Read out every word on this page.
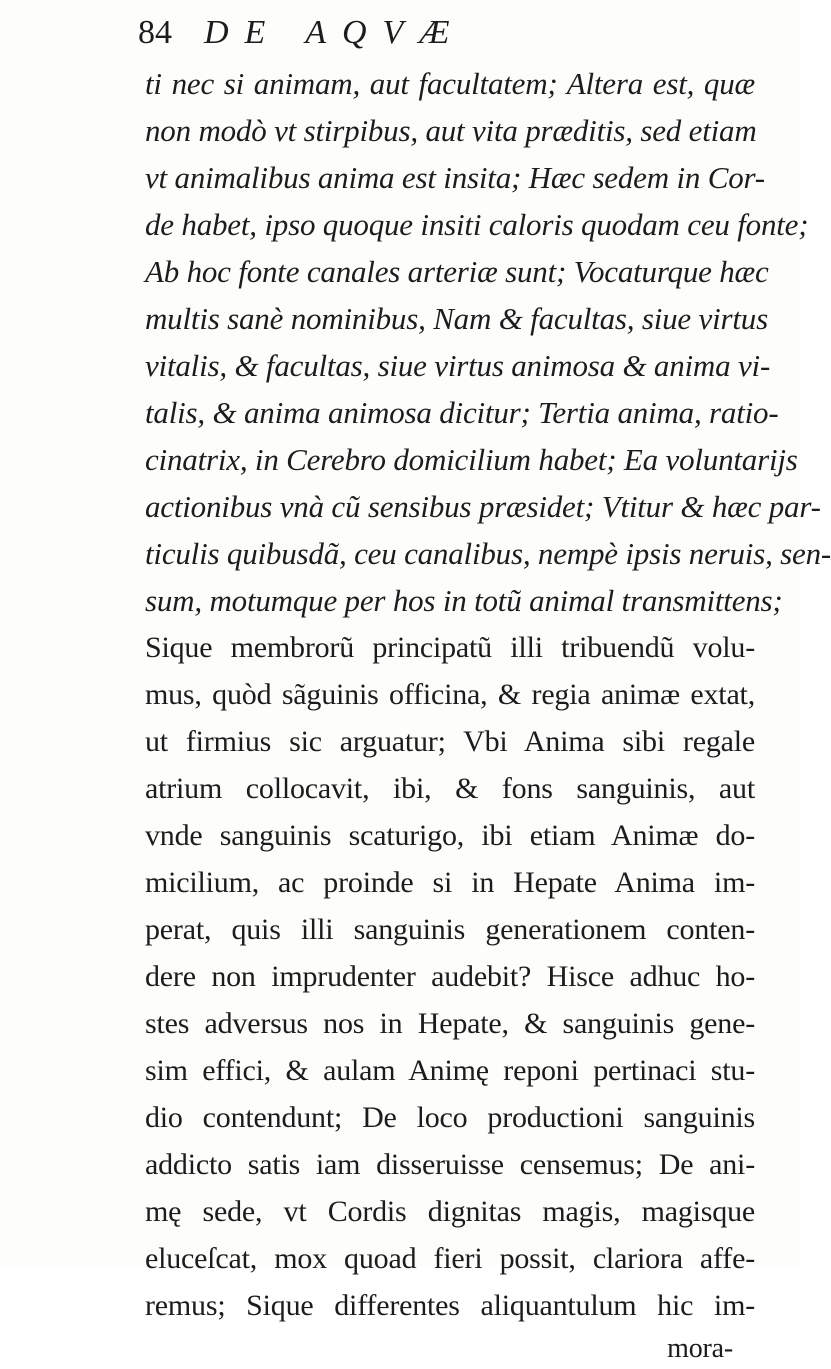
84 DE AQVÆ
ti nec si animam, aut facultatem; Altera est, quæ
non modò vt stirpibus, aut vita præditis, sed etiam
vt animalibus anima est insita; Hæc sedem in Cor-
de habet, ipso quoque insiti caloris quodam ceu fonte;
Ab hoc fonte canales arteriæ sunt; Vocaturque hæc
multis sanè nominibus, Nam & facultas, siue virtus
vitalis, & facultas, siue virtus animosa & anima vi-
talis, & anima animosa dicitur; Tertia anima, ratio-
cinatrix, in Cerebro domicilium habet; Ea voluntarijs
actionibus vnà cũ sensibus præsidet; Vtitur & hæc par-
ticulis quibusdã, ceu canalibus, nempè ipsis neruis, sen-
sum, motumque per hos in totũ animal transmittens;
Sique membrorũ principatũ illi tribuendũ volu-
mus, quòd sãguinis officina, & regia animæ extat,
ut firmius sic arguatur; Vbi Anima sibi regale
atrium collocavit, ibi, & fons sanguinis, aut
vnde sanguinis scaturigo, ibi etiam Animæ do-
micilium, ac proinde si in Hepate Anima im-
perat, quis illi sanguinis generationem conten-
dere non imprudenter audebit? Hisce adhuc ho-
stes adversus nos in Hepate, & sanguinis gene-
sim effici, & aulam Animę reponi pertinaci stu-
dio contendunt; De loco productioni sanguinis
addicto satis iam disseruisse censemus; De ani-
mę sede, vt Cordis dignitas magis, magisque
eluceſcat, mox quoad fieri possit, clariora affe-
remus; Sique differentes aliquantulum hic im-
mora-
